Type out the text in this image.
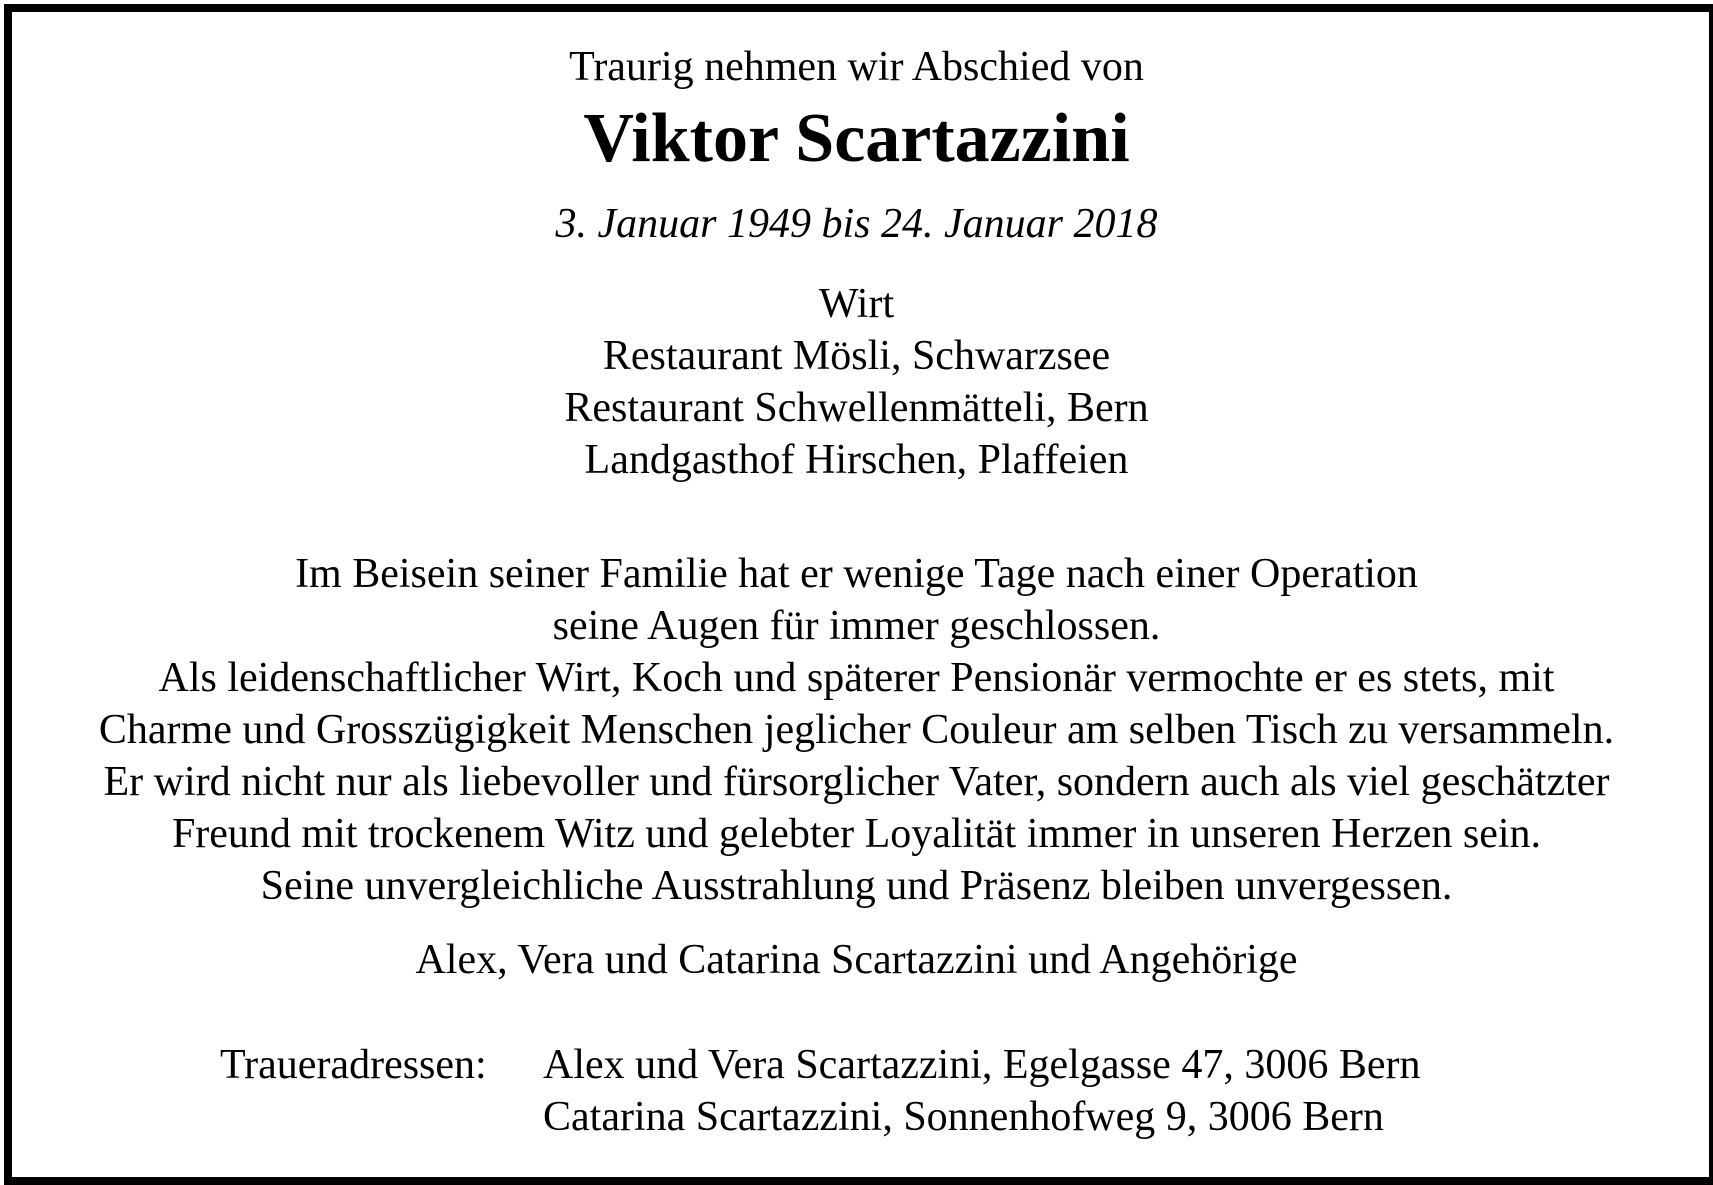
Traurig nehmen wir Abschied von
Viktor Scartazzini
3. Januar 1949 bis 24. Januar 2018
Wirt
Restaurant Mösli, Schwarzsee
Restaurant Schwellenmätteli, Bern
Landgasthof Hirschen, Plaffeien
Im Beisein seiner Familie hat er wenige Tage nach einer Operation
seine Augen für immer geschlossen.
Als leidenschaftlicher Wirt, Koch und späterer Pensionär vermochte er es stets, mit
Charme und Grosszügigkeit Menschen jeglicher Couleur am selben Tisch zu versammeln.
Er wird nicht nur als liebevoller und fürsorglicher Vater, sondern auch als viel geschätzter
Freund mit trockenem Witz und gelebter Loyalität immer in unseren Herzen sein.
Seine unvergleichliche Ausstrahlung und Präsenz bleiben unvergessen.
Alex, Vera und Catarina Scartazzini und Angehörige
Traueradressen: Alex und Vera Scartazzini, Egelgasse 47, 3006 Bern
Catarina Scartazzini, Sonnenhofweg 9, 3006 Bern
